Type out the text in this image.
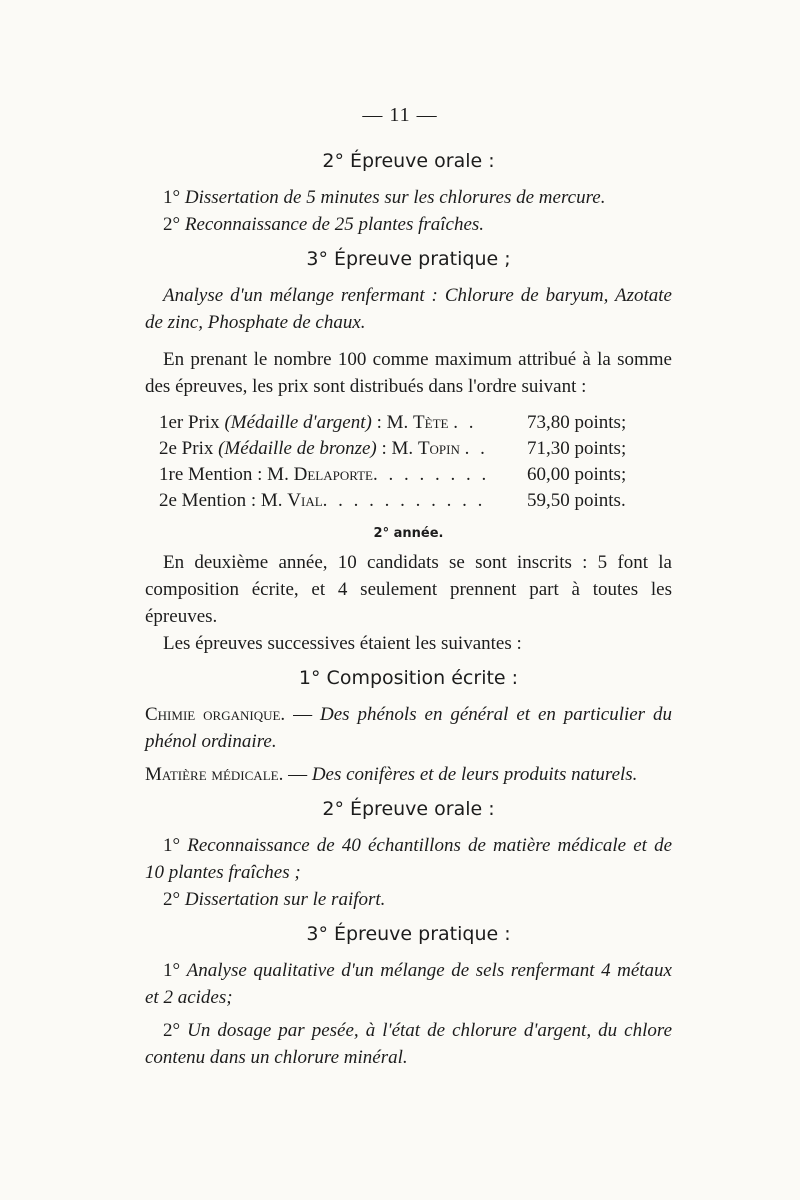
— 11 —
2° Épreuve orale :

1° Dissertation de 5 minutes sur les chlorures de mercure.

2° Reconnaissance de 25 plantes fraîches.

3° Épreuve pratique ;

Analyse d'un mélange renfermant : Chlorure de baryum, Azotate de zinc, Phosphate de chaux.

En prenant le nombre 100 comme maximum attribué à la somme des épreuves, les prix sont distribués dans l'ordre suivant :

1er Prix (Médaille d'argent) : M. Tète . .	73,80 points;
2e Prix (Médaille de bronze) : M. Topin . .	71,30 points;
1re Mention : M. Delaporte. . . . . . . .	60,00 points;
2e Mention : M. Vial. . . . . . . . . . .	59,50 points.
2° année.

En deuxième année, 10 candidats se sont inscrits : 5 font la composition écrite, et 4 seulement prennent part à toutes les épreuves.

Les épreuves successives étaient les suivantes :

1° Composition écrite :

Chimie organique. — Des phénols en général et en particulier du phénol ordinaire.

Matière médicale. — Des conifères et de leurs produits naturels.

2° Épreuve orale :

1° Reconnaissance de 40 échantillons de matière médicale et de 10 plantes fraîches ;

2° Dissertation sur le raifort.

3° Épreuve pratique :

1° Analyse qualitative d'un mélange de sels renfermant 4 métaux et 2 acides;

2° Un dosage par pesée, à l'état de chlorure d'argent, du chlore contenu dans un chlorure minéral.
